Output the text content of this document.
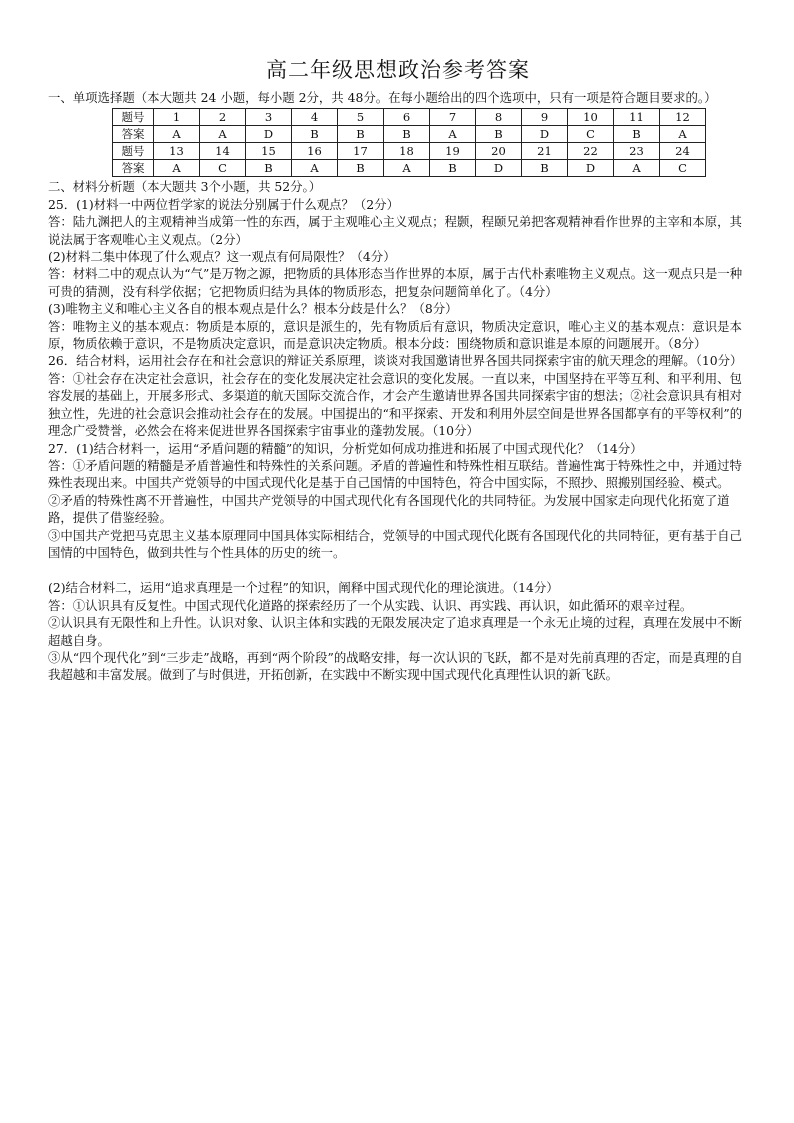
高二年级思想政治参考答案

一、单项选择题（本大题共 24 小题，每小题 2分，共 48分。在每小题给出的四个选项中，只有一项是符合题目要求的。）

题号	1	2	3	4	5	6	7	8	9	10	11	12
答案	A	A	D	B	B	B	A	B	D	C	B	A
题号	13	14	15	16	17	18	19	20	21	22	23	24
答案	A	C	B	A	B	A	B	D	B	D	A	C

二、材料分析题（本大题共 3个小题，共 52分。）

25．(1)材料一中两位哲学家的说法分别属于什么观点？（2分）

答：陆九渊把人的主观精神当成第一性的东西，属于主观唯心主义观点；程颢，程颐兄弟把客观精神看作世界的主宰和本原，其说法属于客观唯心主义观点。（2分）

(2)材料二集中体现了什么观点？这一观点有何局限性？（4分）

答：材料二中的观点认为“气”是万物之源，把物质的具体形态当作世界的本原，属于古代朴素唯物主义观点。这一观点只是一种可贵的猜测，没有科学依据；它把物质归结为具体的物质形态，把复杂问题简单化了。（4分）

(3)唯物主义和唯心主义各自的根本观点是什么？根本分歧是什么？（8分）

答：唯物主义的基本观点：物质是本原的，意识是派生的，先有物质后有意识，物质决定意识，唯心主义的基本观点：意识是本原，物质依赖于意识，不是物质决定意识，而是意识决定物质。根本分歧：围绕物质和意识谁是本原的问题展开。（8分）

26．结合材料，运用社会存在和社会意识的辩证关系原理，谈谈对我国邀请世界各国共同探索宇宙的航天理念的理解。（10分）

答：①社会存在决定社会意识，社会存在的变化发展决定社会意识的变化发展。一直以来，中国坚持在平等互利、和平利用、包容发展的基础上，开展多形式、多渠道的航天国际交流合作，才会产生邀请世界各国共同探索宇宙的想法；②社会意识具有相对独立性，先进的社会意识会推动社会存在的发展。中国提出的“和平探索、开发和利用外层空间是世界各国都享有的平等权利”的理念广受赞誉，必然会在将来促进世界各国探索宇宙事业的蓬勃发展。（10分）

27．(1)结合材料一，运用“矛盾问题的精髓”的知识，分析党如何成功推进和拓展了中国式现代化？（14分）

答：①矛盾问题的精髓是矛盾普遍性和特殊性的关系问题。矛盾的普遍性和特殊性相互联结。普遍性寓于特殊性之中，并通过特殊性表现出来。中国共产党领导的中国式现代化是基于自己国情的中国特色，符合中国实际，不照抄、照搬别国经验、模式。

②矛盾的特殊性离不开普遍性，中国共产党领导的中国式现代化有各国现代化的共同特征。为发展中国家走向现代化拓宽了道路，提供了借鉴经验。

③中国共产党把马克思主义基本原理同中国具体实际相结合，党领导的中国式现代化既有各国现代化的共同特征，更有基于自己国情的中国特色，做到共性与个性具体的历史的统一。

(2)结合材料二，运用“追求真理是一个过程”的知识，阐释中国式现代化的理论演进。（14分）

答：①认识具有反复性。中国式现代化道路的探索经历了一个从实践、认识、再实践、再认识，如此循环的艰辛过程。

②认识具有无限性和上升性。认识对象、认识主体和实践的无限发展决定了追求真理是一个永无止境的过程，真理在发展中不断超越自身。

③从“四个现代化”到“三步走”战略，再到“两个阶段”的战略安排，每一次认识的飞跃，都不是对先前真理的否定，而是真理的自我超越和丰富发展。做到了与时俱进，开拓创新，在实践中不断实现中国式现代化真理性认识的新飞跃。
